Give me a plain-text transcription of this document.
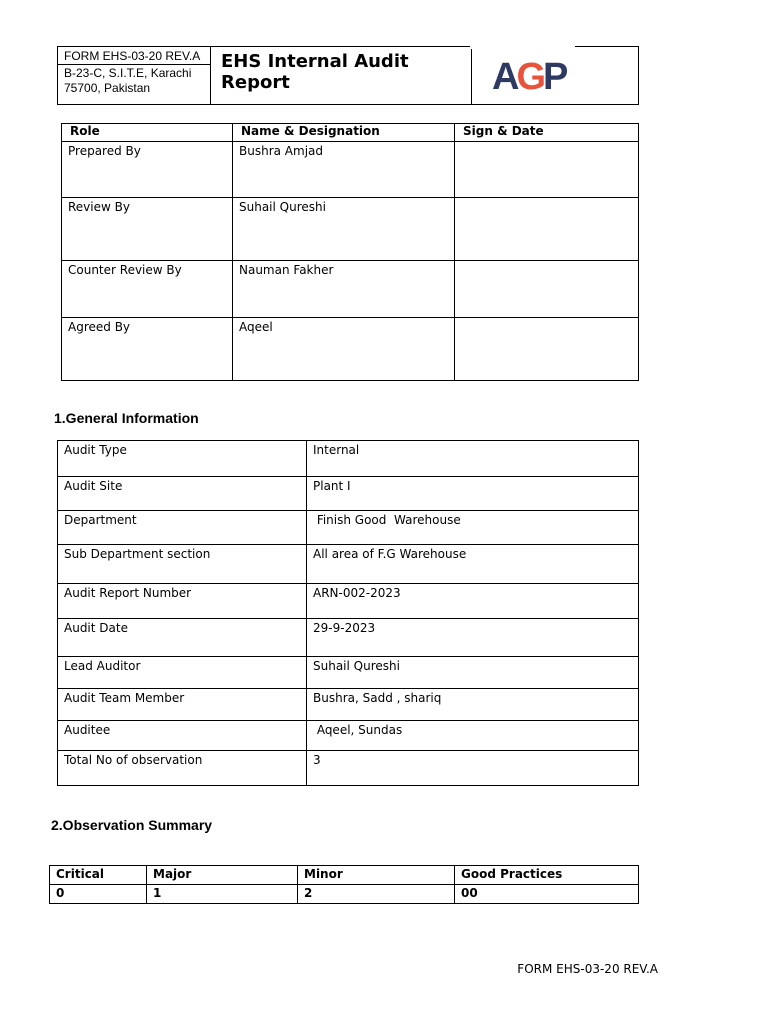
FORM EHS-03-20 REV.A
B-23-C, S.I.T.E, Karachi
75700, Pakistan

EHS Internal Audit Report	AGP
Role	Name & Designation	Sign & Date
Prepared By	Bushra Amjad	
Review By	Suhail Qureshi	
Counter Review By	Nauman Fakher	
Agreed By	Aqeel	
1.General Information
Audit Type	Internal
Audit Site	Plant I
Department	Finish Good  Warehouse
Sub Department section	All area of F.G Warehouse
Audit Report Number	ARN-002-2023
Audit Date	29-9-2023
Lead Auditor	Suhail Qureshi
Audit Team Member	Bushra, Sadd , shariq
Auditee	Aqeel, Sundas
Total No of observation	3
2.Observation Summary
Critical	Major	Minor	Good Practices
0	1	2	00
FORM EHS-03-20 REV.A
